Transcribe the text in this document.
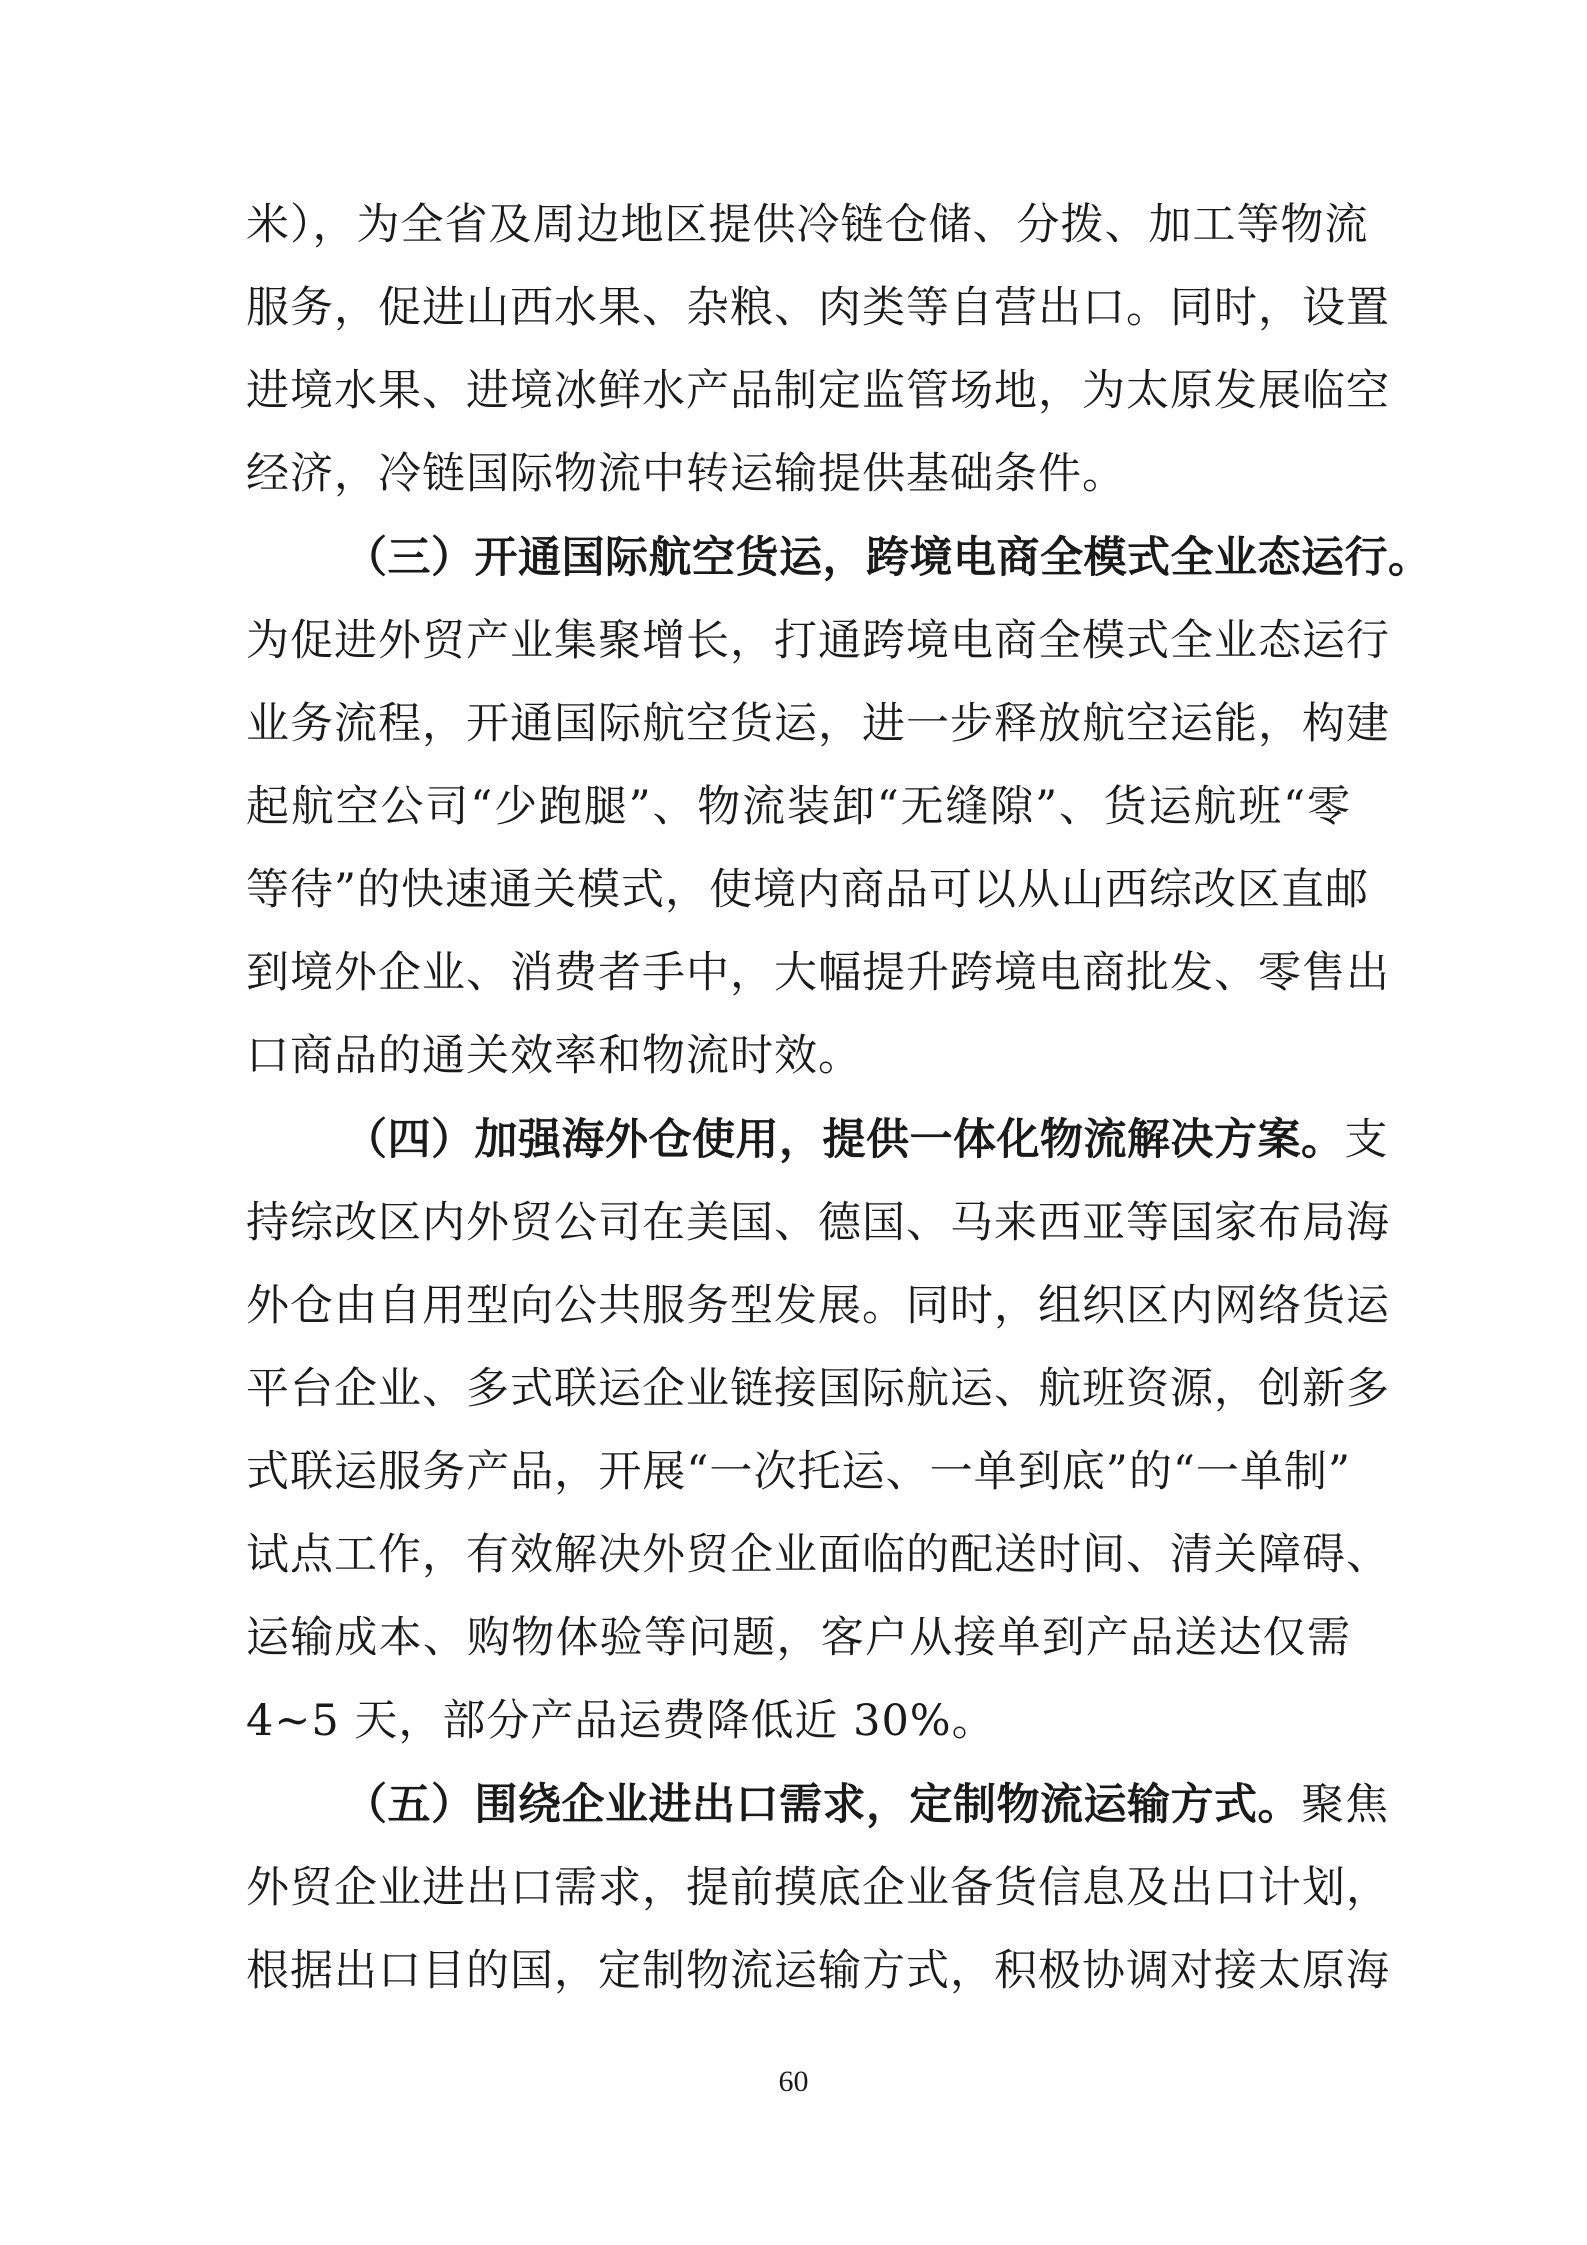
米），为全省及周边地区提供冷链仓储、分拨、加工等物流
服务，促进山西水果、杂粮、肉类等自营出口。同时，设置
进境水果、进境冰鲜水产品制定监管场地，为太原发展临空
经济，冷链国际物流中转运输提供基础条件。
（三）开通国际航空货运，跨境电商全模式全业态运行。
为促进外贸产业集聚增长，打通跨境电商全模式全业态运行
业务流程，开通国际航空货运，进一步释放航空运能，构建
起航空公司“少跑腿”、物流装卸“无缝隙”、货运航班“零
等待”的快速通关模式，使境内商品可以从山西综改区直邮
到境外企业、消费者手中，大幅提升跨境电商批发、零售出
口商品的通关效率和物流时效。
（四）加强海外仓使用，提供一体化物流解决方案。支
持综改区内外贸公司在美国、德国、马来西亚等国家布局海
外仓由自用型向公共服务型发展。同时，组织区内网络货运
平台企业、多式联运企业链接国际航运、航班资源，创新多
式联运服务产品，开展“一次托运、一单到底”的“一单制”
试点工作，有效解决外贸企业面临的配送时间、清关障碍、
运输成本、购物体验等问题，客户从接单到产品送达仅需
4~5 天，部分产品运费降低近 30%。
（五）围绕企业进出口需求，定制物流运输方式。聚焦
外贸企业进出口需求，提前摸底企业备货信息及出口计划，
根据出口目的国，定制物流运输方式，积极协调对接太原海
60
